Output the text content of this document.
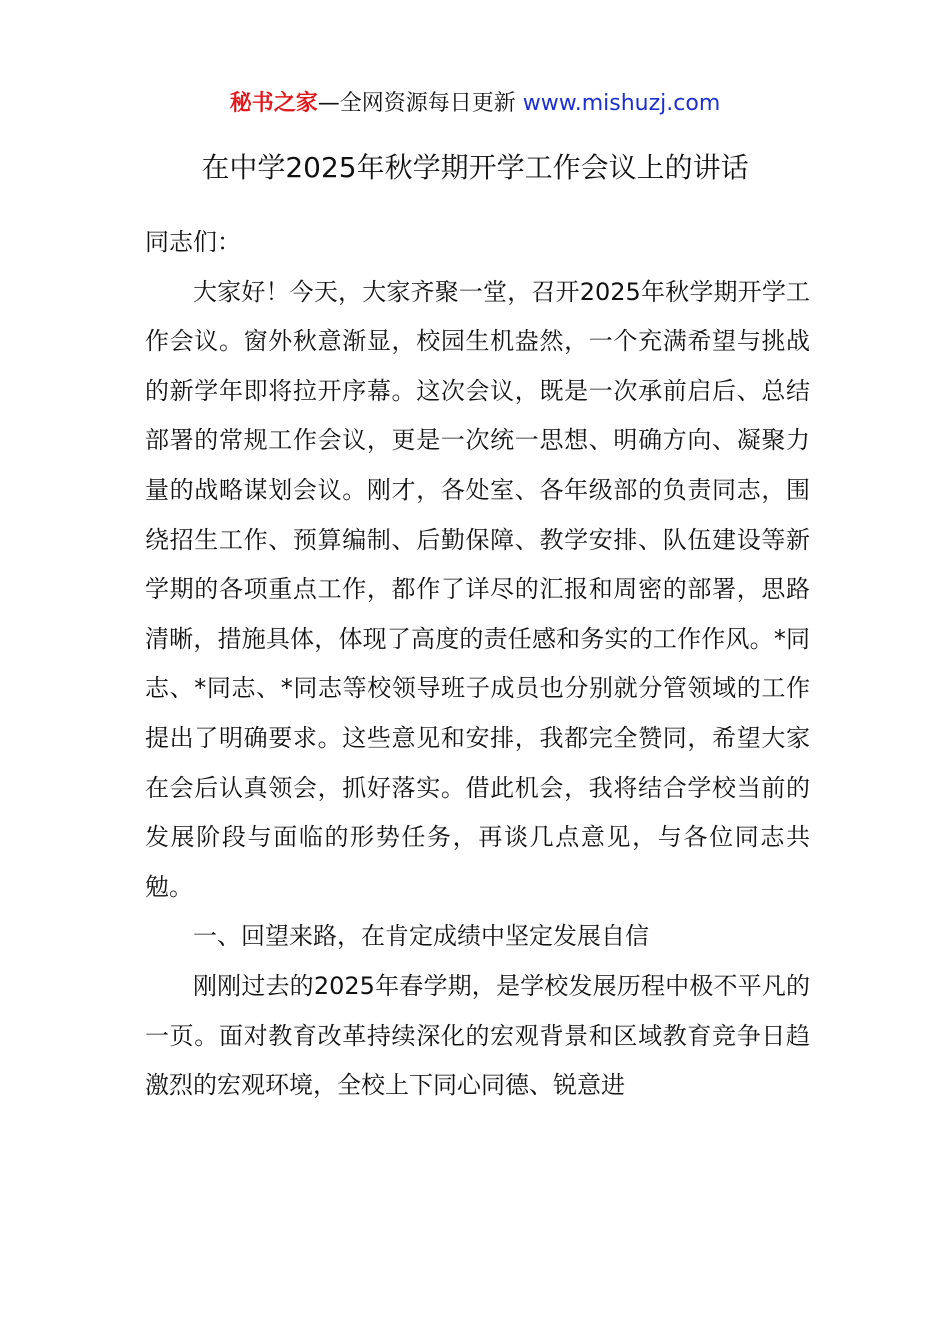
秘书之家—全网资源每日更新 www.mishuzj.com
在中学2025年秋学期开学工作会议上的讲话

同志们：

大家好！今天，大家齐聚一堂，召开2025年秋学期开学工作会议。窗外秋意渐显，校园生机盎然，一个充满希望与挑战的新学年即将拉开序幕。这次会议，既是一次承前启后、总结部署的常规工作会议，更是一次统一思想、明确方向、凝聚力量的战略谋划会议。刚才，各处室、各年级部的负责同志，围绕招生工作、预算编制、后勤保障、教学安排、队伍建设等新学期的各项重点工作，都作了详尽的汇报和周密的部署，思路清晰，措施具体，体现了高度的责任感和务实的工作作风。*同志、*同志、*同志等校领导班子成员也分别就分管领域的工作提出了明确要求。这些意见和安排，我都完全赞同，希望大家在会后认真领会，抓好落实。借此机会，我将结合学校当前的发展阶段与面临的形势任务，再谈几点意见，与各位同志共勉。

一、回望来路，在肯定成绩中坚定发展自信

刚刚过去的2025年春学期，是学校发展历程中极不平凡的一页。面对教育改革持续深化的宏观背景和区域教育竞争日趋激烈的宏观环境，全校上下同心同德、锐意进
